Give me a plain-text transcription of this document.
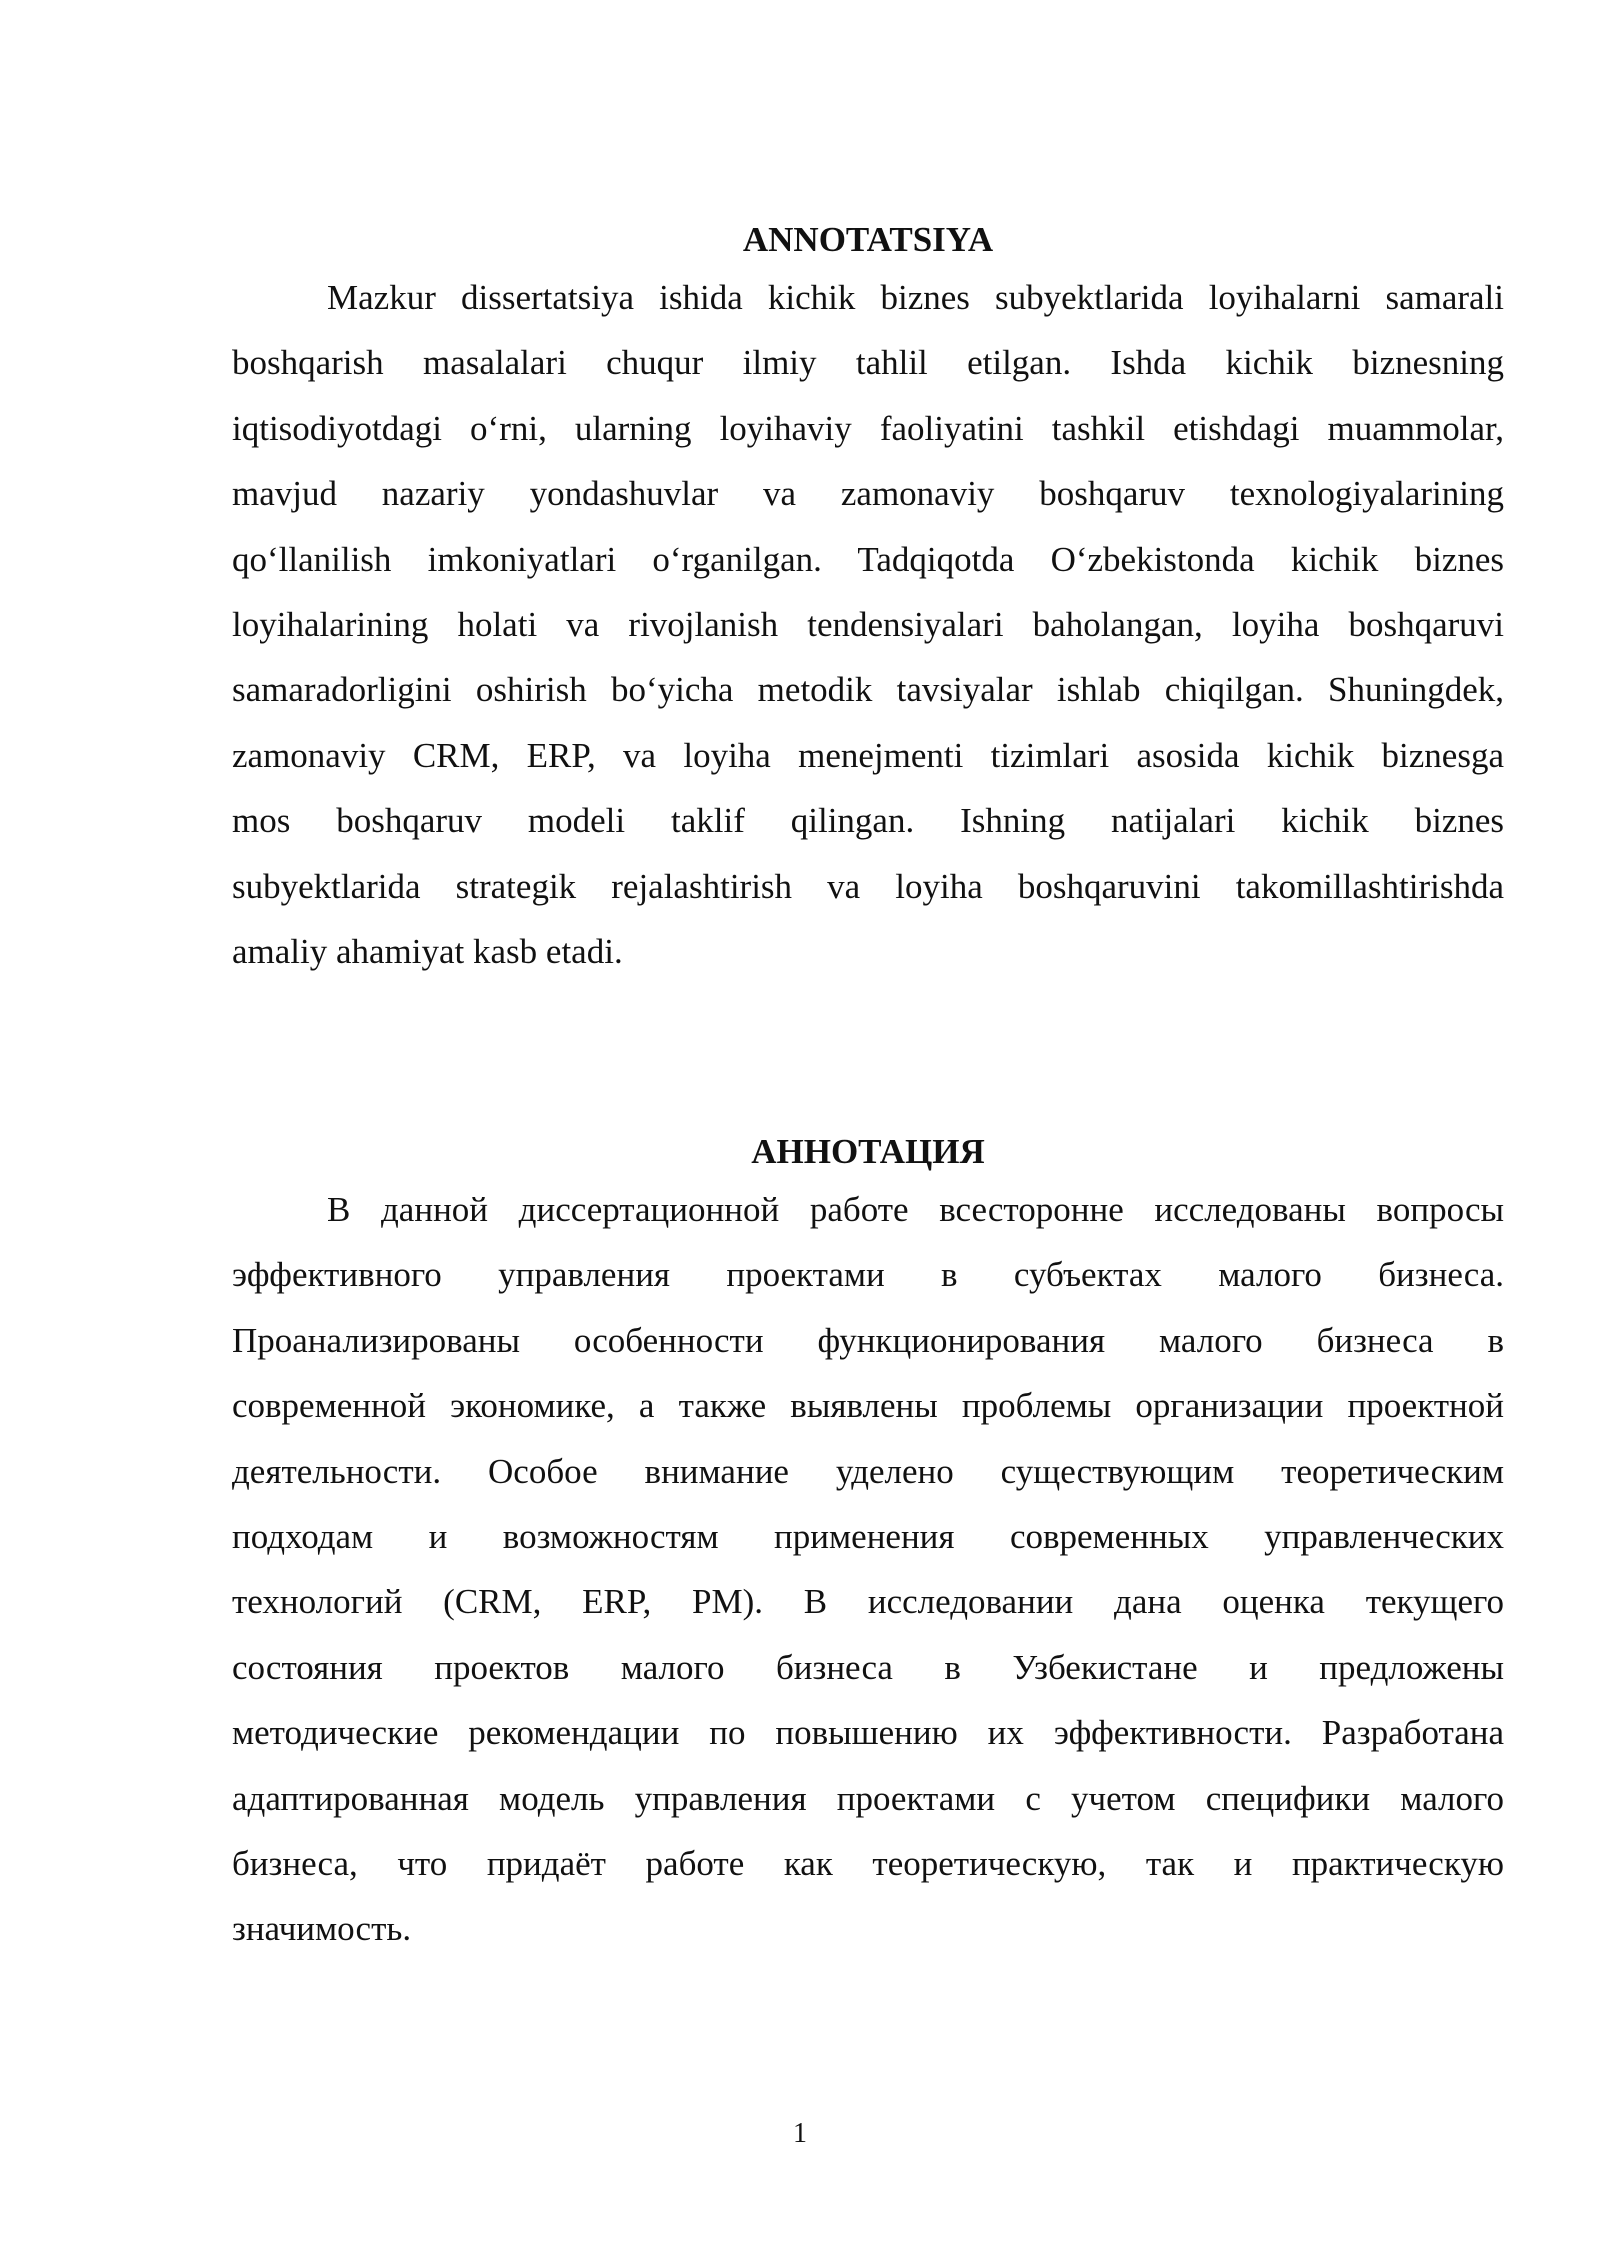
ANNOTATSIYA
Mazkur dissertatsiya ishida kichik biznes subyektlarida loyihalarni samarali
boshqarish masalalari chuqur ilmiy tahlil etilgan. Ishda kichik biznesning
iqtisodiyotdagi o‘rni, ularning loyihaviy faoliyatini tashkil etishdagi muammolar,
mavjud nazariy yondashuvlar va zamonaviy boshqaruv texnologiyalarining
qo‘llanilish imkoniyatlari o‘rganilgan. Tadqiqotda O‘zbekistonda kichik biznes
loyihalarining holati va rivojlanish tendensiyalari baholangan, loyiha boshqaruvi
samaradorligini oshirish bo‘yicha metodik tavsiyalar ishlab chiqilgan. Shuningdek,
zamonaviy CRM, ERP, va loyiha menejmenti tizimlari asosida kichik biznesga
mos boshqaruv modeli taklif qilingan. Ishning natijalari kichik biznes
subyektlarida strategik rejalashtirish va loyiha boshqaruvini takomillashtirishda
amaliy ahamiyat kasb etadi.
АННОТАЦИЯ
В данной диссертационной работе всесторонне исследованы вопросы
эффективного управления проектами в субъектах малого бизнеса.
Проанализированы особенности функционирования малого бизнеса в
современной экономике, а также выявлены проблемы организации проектной
деятельности. Особое внимание уделено существующим теоретическим
подходам и возможностям применения современных управленческих
технологий (CRM, ERP, PM). В исследовании дана оценка текущего
состояния проектов малого бизнеса в Узбекистане и предложены
методические рекомендации по повышению их эффективности. Разработана
адаптированная модель управления проектами с учетом специфики малого
бизнеса, что придаёт работе как теоретическую, так и практическую
значимость.
1
